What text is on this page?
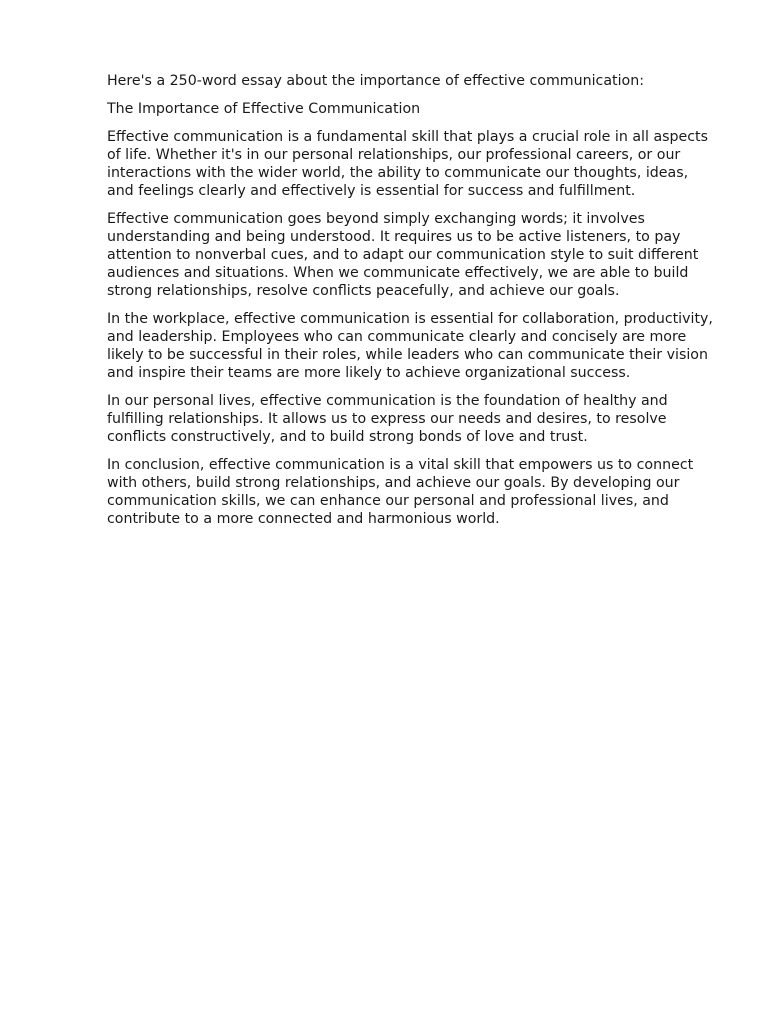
Here's a 250-word essay about the importance of effective communication:

The Importance of Effective Communication

Effective communication is a fundamental skill that plays a crucial role in all aspects of life. Whether it's in our personal relationships, our professional careers, or our interactions with the wider world, the ability to communicate our thoughts, ideas, and feelings clearly and effectively is essential for success and fulfillment.

Effective communication goes beyond simply exchanging words; it involves understanding and being understood. It requires us to be active listeners, to pay attention to nonverbal cues, and to adapt our communication style to suit different audiences and situations. When we communicate effectively, we are able to build strong relationships, resolve conflicts peacefully, and achieve our goals.

In the workplace, effective communication is essential for collaboration, productivity, and leadership. Employees who can communicate clearly and concisely are more likely to be successful in their roles, while leaders who can communicate their vision and inspire their teams are more likely to achieve organizational success.

In our personal lives, effective communication is the foundation of healthy and fulfilling relationships. It allows us to express our needs and desires, to resolve conflicts constructively, and to build strong bonds of love and trust.

In conclusion, effective communication is a vital skill that empowers us to connect with others, build strong relationships, and achieve our goals. By developing our communication skills, we can enhance our personal and professional lives, and contribute to a more connected and harmonious world.
